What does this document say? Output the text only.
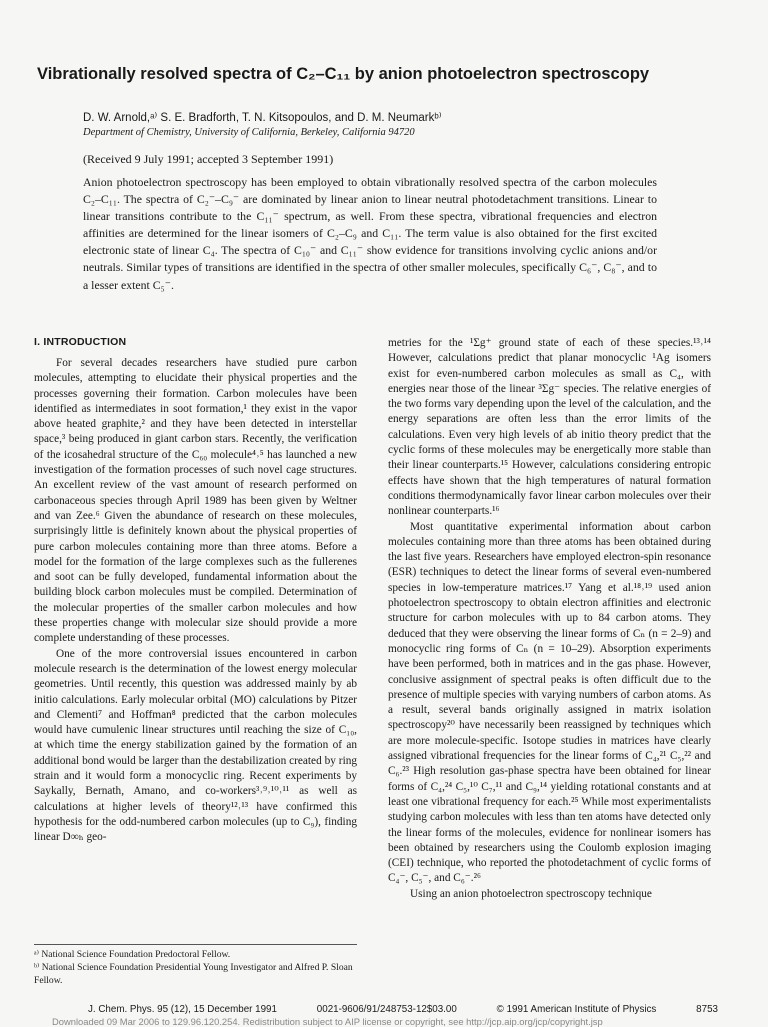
Vibrationally resolved spectra of C₂–C₁₁ by anion photoelectron spectroscopy

D. W. Arnold,ᵃ⁾ S. E. Bradforth, T. N. Kitsopoulos, and D. M. Neumarkᵇ⁾

Department of Chemistry, University of California, Berkeley, California 94720

(Received 9 July 1991; accepted 3 September 1991)

Anion photoelectron spectroscopy has been employed to obtain vibrationally resolved spectra of the carbon molecules C₂–C₁₁. The spectra of C₂⁻–C₉⁻ are dominated by linear anion to linear neutral photodetachment transitions. Linear to linear transitions contribute to the C₁₁⁻ spectrum, as well. From these spectra, vibrational frequencies and electron affinities are determined for the linear isomers of C₂–C₉ and C₁₁. The term value is also obtained for the first excited electronic state of linear C₄. The spectra of C₁₀⁻ and C₁₁⁻ show evidence for transitions involving cyclic anions and/or neutrals. Similar types of transitions are identified in the spectra of other smaller molecules, specifically C₆⁻, C₈⁻, and to a lesser extent C₅⁻.

I. INTRODUCTION

For several decades researchers have studied pure carbon molecules, attempting to elucidate their physical properties and the processes governing their formation. Carbon molecules have been identified as intermediates in soot formation,¹ they exist in the vapor above heated graphite,² and they have been detected in interstellar space,³ being produced in giant carbon stars. Recently, the verification of the icosahedral structure of the C₆₀ molecule⁴˒⁵ has launched a new investigation of the formation processes of such novel cage structures. An excellent review of the vast amount of research performed on carbonaceous species through April 1989 has been given by Weltner and van Zee.⁶ Given the abundance of research on these molecules, surprisingly little is definitely known about the physical properties of pure carbon molecules containing more than three atoms. Before a model for the formation of the large complexes such as the fullerenes and soot can be fully developed, fundamental information about the building block carbon molecules must be compiled. Determination of the molecular properties of the smaller carbon molecules and how these properties change with molecular size should provide a more complete understanding of these processes.

One of the more controversial issues encountered in carbon molecule research is the determination of the lowest energy molecular geometries. Until recently, this question was addressed mainly by ab initio calculations. Early molecular orbital (MO) calculations by Pitzer and Clementi⁷ and Hoffman⁸ predicted that the carbon molecules would have cumulenic linear structures until reaching the size of C₁₀, at which time the energy stabilization gained by the formation of an additional bond would be larger than the destabilization created by ring strain and it would form a monocyclic ring. Recent experiments by Saykally, Bernath, Amano, and co-workers³˒⁹˒¹⁰˒¹¹ as well as calculations at higher levels of theory¹²˒¹³ have confirmed this hypothesis for the odd-numbered carbon molecules (up to C₉), finding linear D∞ₕ geo-

metries for the ¹Σg⁺ ground state of each of these species.¹³˒¹⁴ However, calculations predict that planar monocyclic ¹Ag isomers exist for even-numbered carbon molecules as small as C₄, with energies near those of the linear ³Σg⁻ species. The relative energies of the two forms vary depending upon the level of the calculation, and the energy separations are often less than the error limits of the calculations. Even very high levels of ab initio theory predict that the cyclic forms of these molecules may be energetically more stable than their linear counterparts.¹⁵ However, calculations considering entropic effects have shown that the high temperatures of natural formation conditions thermodynamically favor linear carbon molecules over their nonlinear counterparts.¹⁶

Most quantitative experimental information about carbon molecules containing more than three atoms has been obtained during the last five years. Researchers have employed electron-spin resonance (ESR) techniques to detect the linear forms of several even-numbered species in low-temperature matrices.¹⁷ Yang et al.¹⁸˒¹⁹ used anion photoelectron spectroscopy to obtain electron affinities and electronic structure for carbon molecules with up to 84 carbon atoms. They deduced that they were observing the linear forms of Cₙ (n = 2–9) and monocyclic ring forms of Cₙ (n = 10–29). Absorption experiments have been performed, both in matrices and in the gas phase. However, conclusive assignment of spectral peaks is often difficult due to the presence of multiple species with varying numbers of carbon atoms. As a result, several bands originally assigned in matrix isolation spectroscopy²⁰ have necessarily been reassigned by techniques which are more molecule-specific. Isotope studies in matrices have clearly assigned vibrational frequencies for the linear forms of C₄,²¹ C₅,²² and C₆.²³ High resolution gas-phase spectra have been obtained for linear forms of C₄,²⁴ C₅,¹⁰ C₇,¹¹ and C₉,¹⁴ yielding rotational constants and at least one vibrational frequency for each.²⁵ While most experimentalists studying carbon molecules with less than ten atoms have detected only the linear forms of the molecules, evidence for nonlinear isomers has been obtained by researchers using the Coulomb explosion imaging (CEI) technique, who reported the photodetachment of cyclic forms of C₄⁻, C₅⁻, and C₆⁻.²⁶

Using an anion photoelectron spectroscopy technique

ᵃ⁾ National Science Foundation Predoctoral Fellow.

ᵇ⁾ National Science Foundation Presidential Young Investigator and Alfred P. Sloan Fellow.

J. Chem. Phys. 95 (12), 15 December 1991	0021-9606/91/248753-12$03.00	© 1991 American Institute of Physics	8753
Downloaded 09 Mar 2006 to 129.96.120.254. Redistribution subject to AIP license or copyright, see http://jcp.aip.org/jcp/copyright.jsp
